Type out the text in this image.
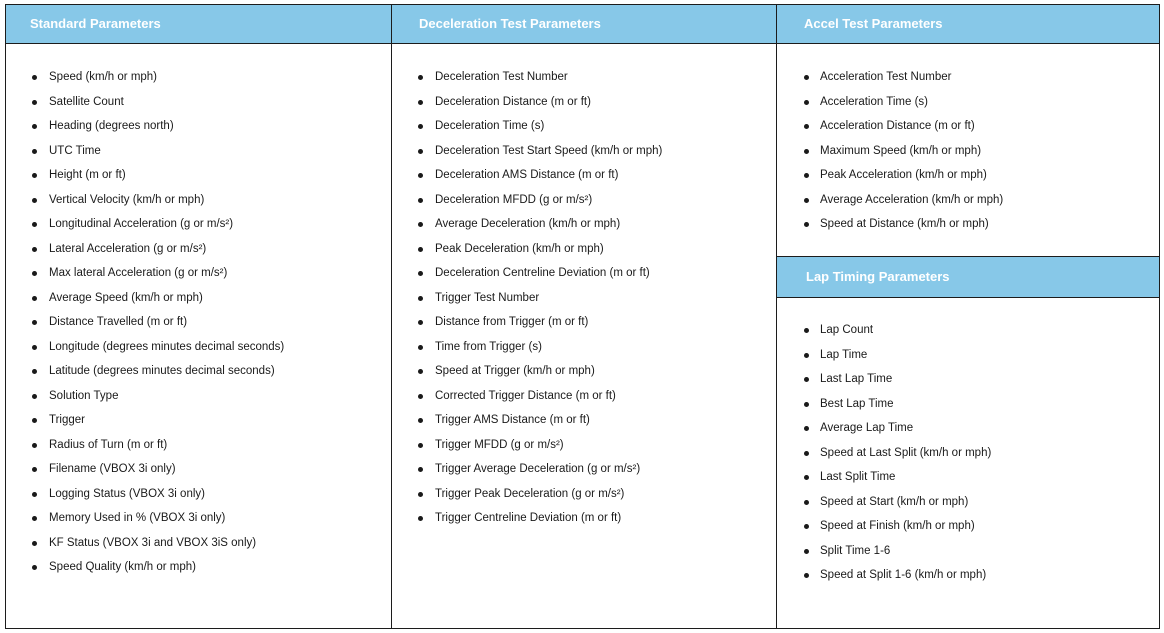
Standard Parameters
Speed (km/h or mph)
Satellite Count
Heading (degrees north)
UTC Time
Height (m or ft)
Vertical Velocity (km/h or mph)
Longitudinal Acceleration (g or m/s²)
Lateral Acceleration (g or m/s²)
Max lateral Acceleration (g or m/s²)
Average Speed (km/h or mph)
Distance Travelled (m or ft)
Longitude (degrees minutes decimal seconds)
Latitude (degrees minutes decimal seconds)
Solution Type
Trigger
Radius of Turn (m or ft)
Filename (VBOX 3i only)
Logging Status (VBOX 3i only)
Memory Used in % (VBOX 3i only)
KF Status (VBOX 3i and VBOX 3iS only)
Speed Quality (km/h or mph)
Deceleration Test Parameters
Deceleration Test Number
Deceleration Distance (m or ft)
Deceleration Time (s)
Deceleration Test Start Speed (km/h or mph)
Deceleration AMS Distance (m or ft)
Deceleration MFDD (g or m/s²)
Average Deceleration (km/h or mph)
Peak Deceleration (km/h or mph)
Deceleration Centreline Deviation (m or ft)
Trigger Test Number
Distance from Trigger (m or ft)
Time from Trigger (s)
Speed at Trigger (km/h or mph)
Corrected Trigger Distance (m or ft)
Trigger AMS Distance (m or ft)
Trigger MFDD (g or m/s²)
Trigger Average Deceleration (g or m/s²)
Trigger Peak Deceleration (g or m/s²)
Trigger Centreline Deviation (m or ft)
Accel Test Parameters
Acceleration Test Number
Acceleration Time (s)
Acceleration Distance (m or ft)
Maximum Speed (km/h or mph)
Peak Acceleration (km/h or mph)
Average Acceleration (km/h or mph)
Speed at Distance (km/h or mph)
Lap Timing Parameters
Lap Count
Lap Time
Last Lap Time
Best Lap Time
Average Lap Time
Speed at Last Split (km/h or mph)
Last Split Time
Speed at Start (km/h or mph)
Speed at Finish (km/h or mph)
Split Time 1-6
Speed at Split 1-6 (km/h or mph)
